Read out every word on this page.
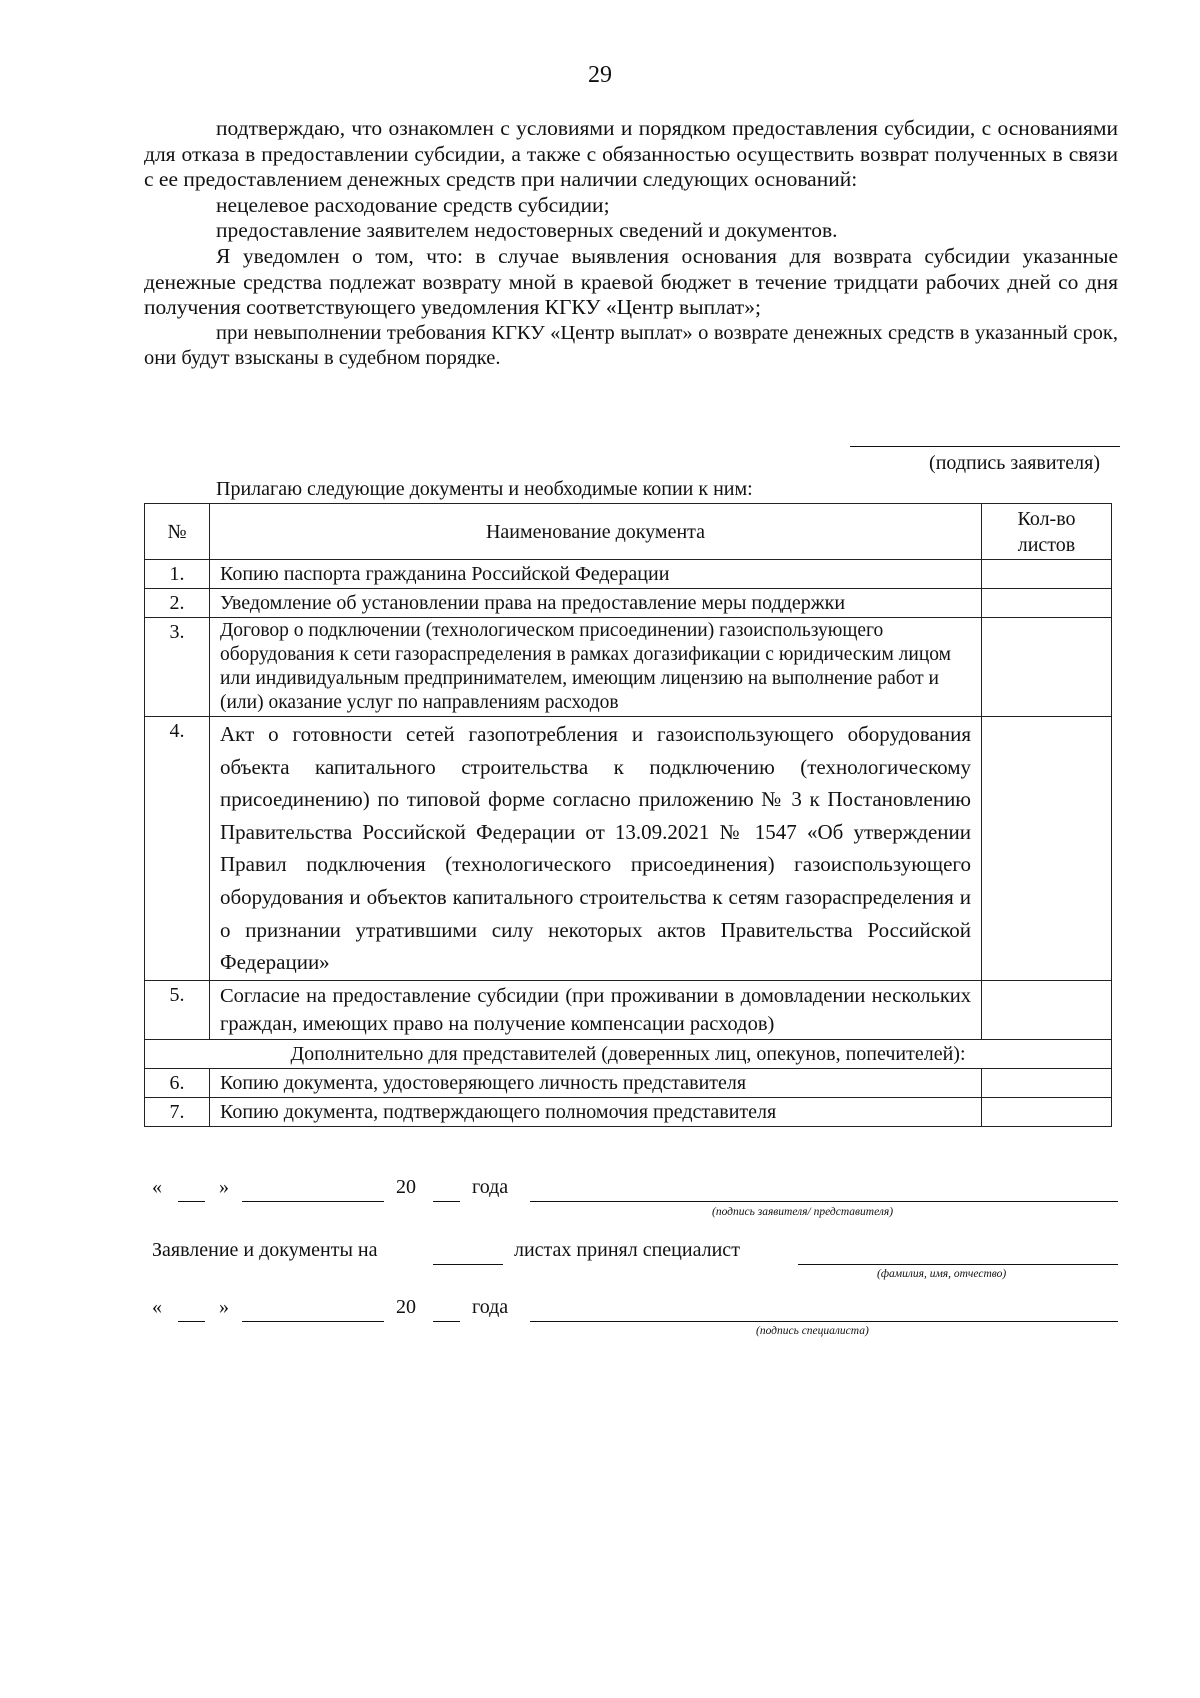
29

подтверждаю, что ознакомлен с условиями и порядком предоставления субсидии, с основаниями для отказа в предоставлении субсидии, а также с обязанностью осуществить возврат полученных в связи с ее предоставлением денежных средств при наличии следующих оснований:

нецелевое расходование средств субсидии;

предоставление заявителем недостоверных сведений и документов.

Я уведомлен о том, что: в случае выявления основания для возврата субсидии указанные денежные средства подлежат возврату мной в краевой бюджет в течение тридцати рабочих дней со дня получения соответствующего уведомления КГКУ «Центр выплат»;

при невыполнении требования КГКУ «Центр выплат» о возврате денежных средств в указанный срок, они будут взысканы в судебном порядке.

(подпись заявителя)
Прилагаю следующие документы и необходимые копии к ним:
№	Наименование документа	Кол-во
листов
1.	Копию паспорта гражданина Российской Федерации	
2.	Уведомление об установлении права на предоставление меры поддержки	
3.	Договор о подключении (технологическом присоединении) газоиспользующего оборудования к сети газораспределения в рамках догазификации с юридическим лицом или индивидуальным предпринимателем, имеющим лицензию на выполнение работ и (или) оказание услуг по направлениям расходов	
4.	Акт о готовности сетей газопотребления и газоиспользующего оборудования объекта капитального строительства к подключению (технологическому присоединению) по типовой форме согласно приложению № 3 к Постановлению Правительства Российской Федерации от 13.09.2021 № 1547 «Об утверждении Правил подключения (технологического присоединения) газоиспользующего оборудования и объектов капитального строительства к сетям газораспределения и о признании утратившими силу некоторых актов Правительства Российской Федерации»	
5.	Согласие на предоставление субсидии (при проживании в домовладении нескольких граждан, имеющих право на получение компенсации расходов)	
Дополнительно для представителей (доверенных лиц, опекунов, попечителей):		
6.	Копию документа, удостоверяющего личность представителя	
7.	Копию документа, подтверждающего полномочия представителя	
«	»	20	года
(подпись заявителя/ представителя)
Заявление и документы на	листах принял специалист
(фамилия, имя, отчество)
«	»	20	года
(подпись специалиста)
